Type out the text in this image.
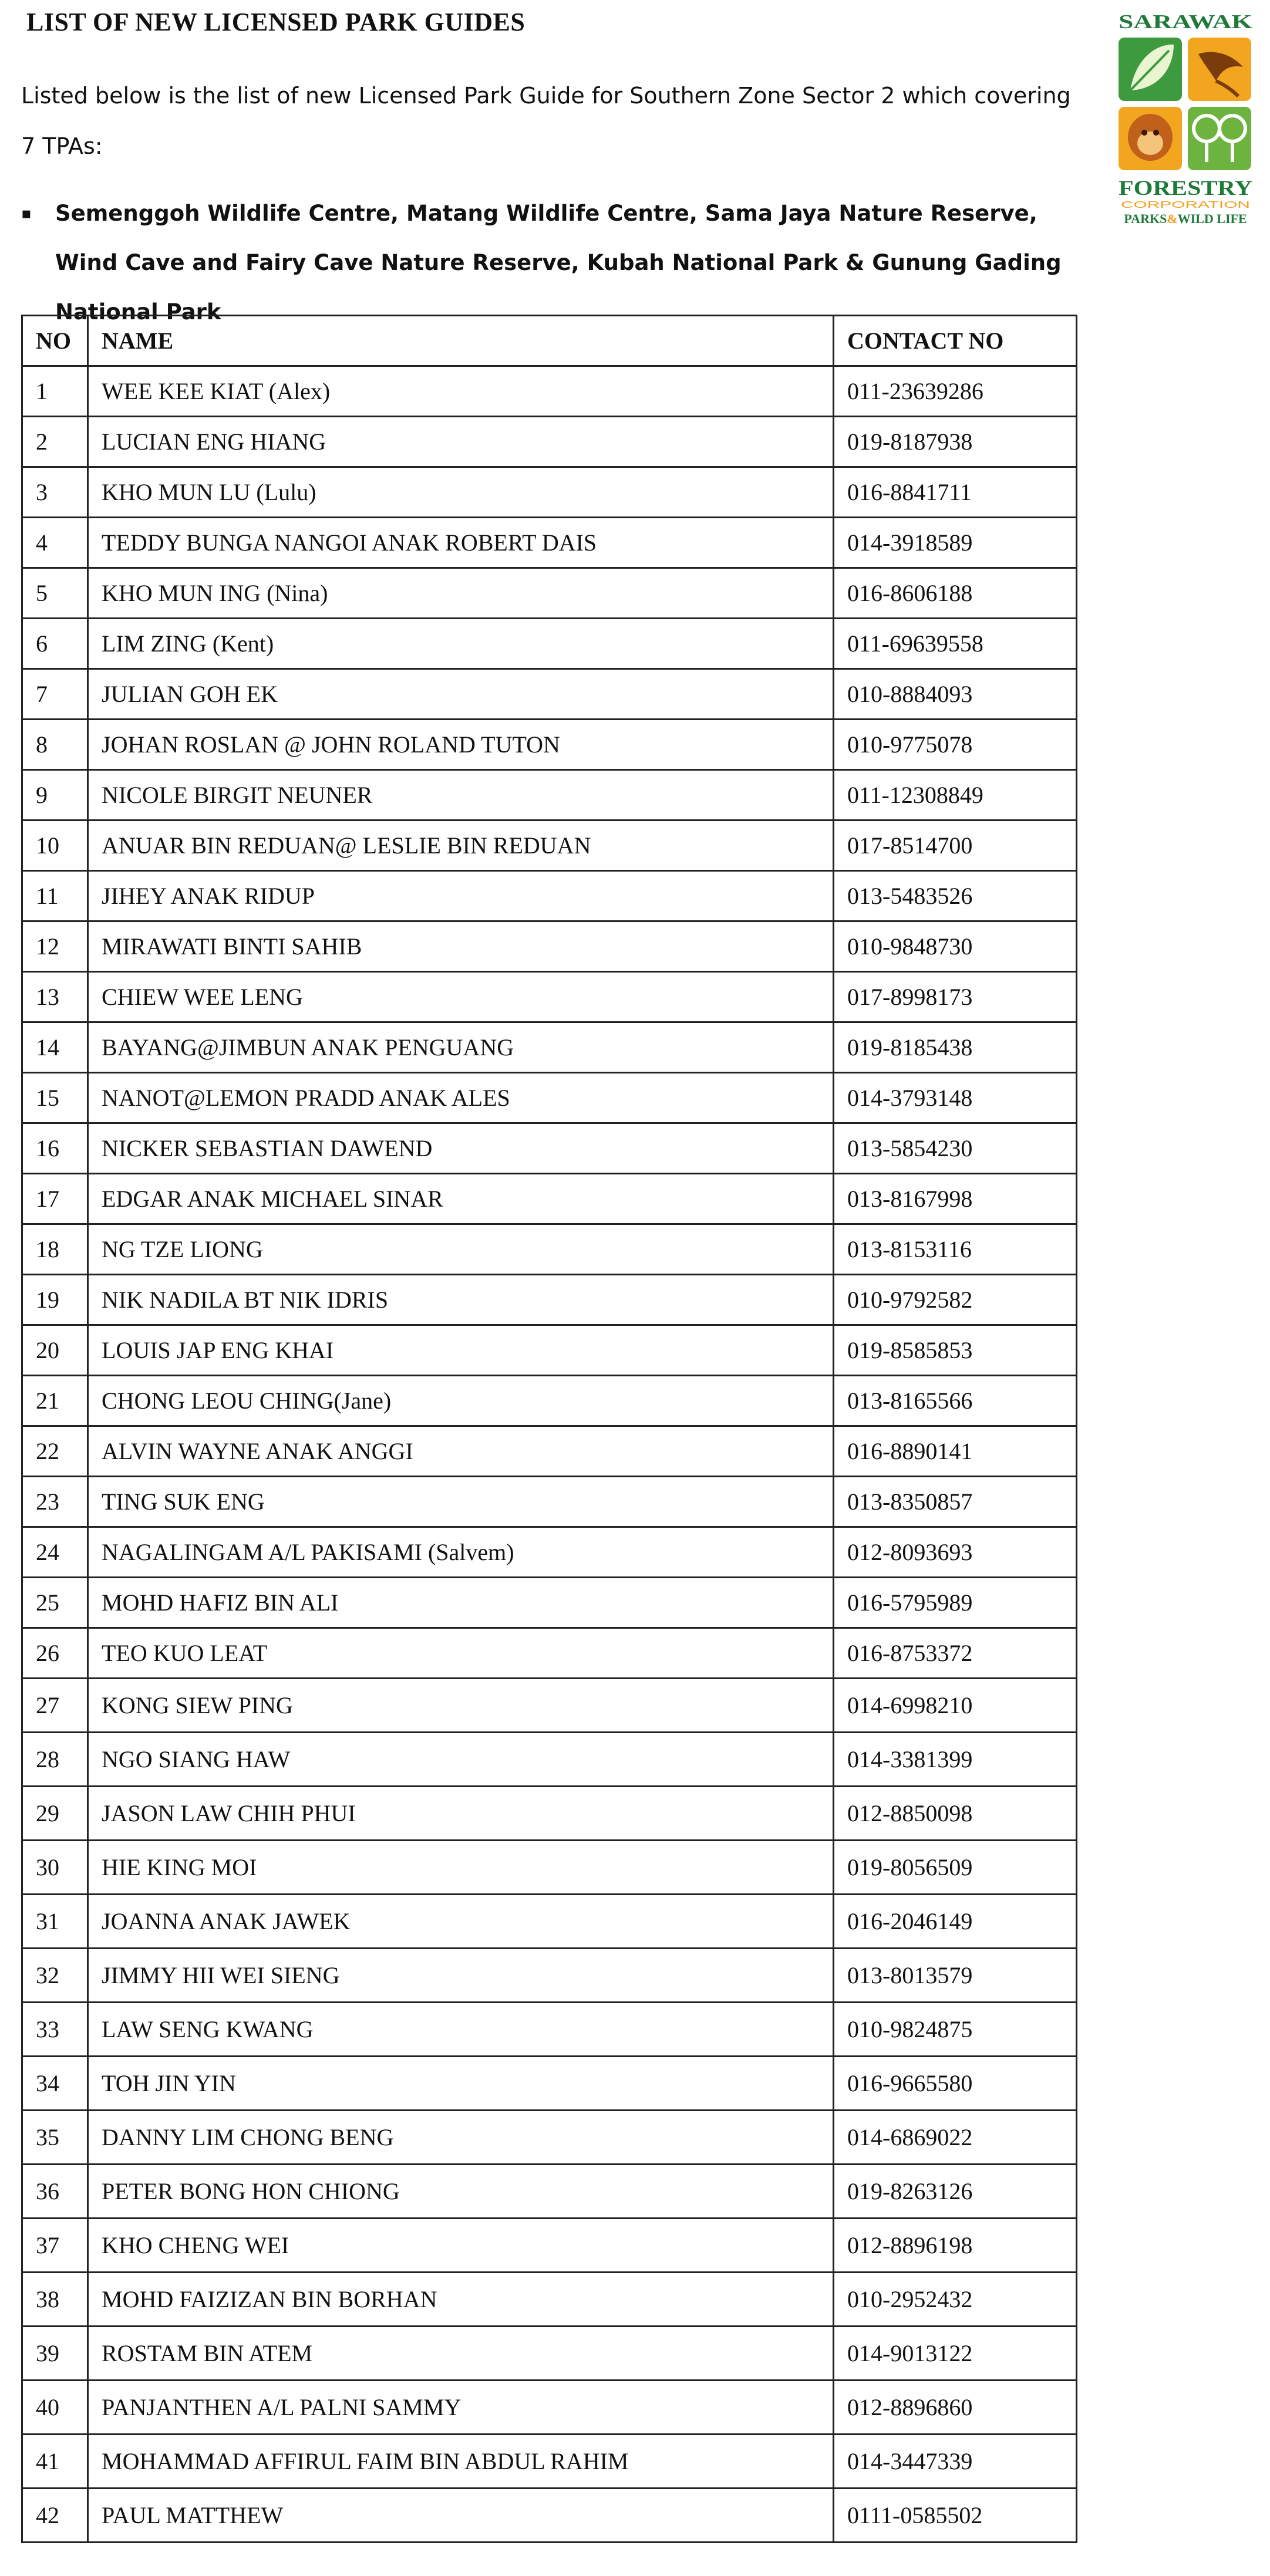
LIST OF NEW LICENSED PARK GUIDES

Listed below is the list of new Licensed Park Guide for Southern Zone Sector 2 which covering 7 TPAs:

▪	Semenggoh Wildlife Centre, Matang Wildlife Centre, Sama Jaya Nature Reserve, Wind Cave and Fairy Cave Nature Reserve, Kubah National Park & Gunung Gading National Park
SARAWAK
FORESTRY
CORPORATION
PARKS&WILD LIFE
NO	NAME	CONTACT NO
1	WEE KEE KIAT (Alex)	011-23639286
2	LUCIAN ENG HIANG	019-8187938
3	KHO MUN LU (Lulu)	016-8841711
4	TEDDY BUNGA NANGOI ANAK ROBERT DAIS	014-3918589
5	KHO MUN ING (Nina)	016-8606188
6	LIM ZING (Kent)	011-69639558
7	JULIAN GOH EK	010-8884093
8	JOHAN ROSLAN @ JOHN ROLAND TUTON	010-9775078
9	NICOLE BIRGIT NEUNER	011-12308849
10	ANUAR BIN REDUAN@ LESLIE BIN REDUAN	017-8514700
11	JIHEY ANAK RIDUP	013-5483526
12	MIRAWATI BINTI SAHIB	010-9848730
13	CHIEW WEE LENG	017-8998173
14	BAYANG@JIMBUN ANAK PENGUANG	019-8185438
15	NANOT@LEMON PRADD ANAK ALES	014-3793148
16	NICKER SEBASTIAN DAWEND	013-5854230
17	EDGAR ANAK MICHAEL SINAR	013-8167998
18	NG TZE LIONG	013-8153116
19	NIK NADILA BT NIK IDRIS	010-9792582
20	LOUIS JAP ENG KHAI	019-8585853
21	CHONG LEOU CHING(Jane)	013-8165566
22	ALVIN WAYNE ANAK ANGGI	016-8890141
23	TING SUK ENG	013-8350857
24	NAGALINGAM A/L PAKISAMI (Salvem)	012-8093693
25	MOHD HAFIZ BIN ALI	016-5795989
26	TEO KUO LEAT	016-8753372
27	KONG SIEW PING	014-6998210
28	NGO SIANG HAW	014-3381399
29	JASON LAW CHIH PHUI	012-8850098
30	HIE KING MOI	019-8056509
31	JOANNA ANAK JAWEK	016-2046149
32	JIMMY HII WEI SIENG	013-8013579
33	LAW SENG KWANG	010-9824875
34	TOH JIN YIN	016-9665580
35	DANNY LIM CHONG BENG	014-6869022
36	PETER BONG HON CHIONG	019-8263126
37	KHO CHENG WEI	012-8896198
38	MOHD FAIZIZAN BIN BORHAN	010-2952432
39	ROSTAM BIN ATEM	014-9013122
40	PANJANTHEN A/L PALNI SAMMY	012-8896860
41	MOHAMMAD AFFIRUL FAIM BIN ABDUL RAHIM	014-3447339
42	PAUL MATTHEW	0111-0585502
